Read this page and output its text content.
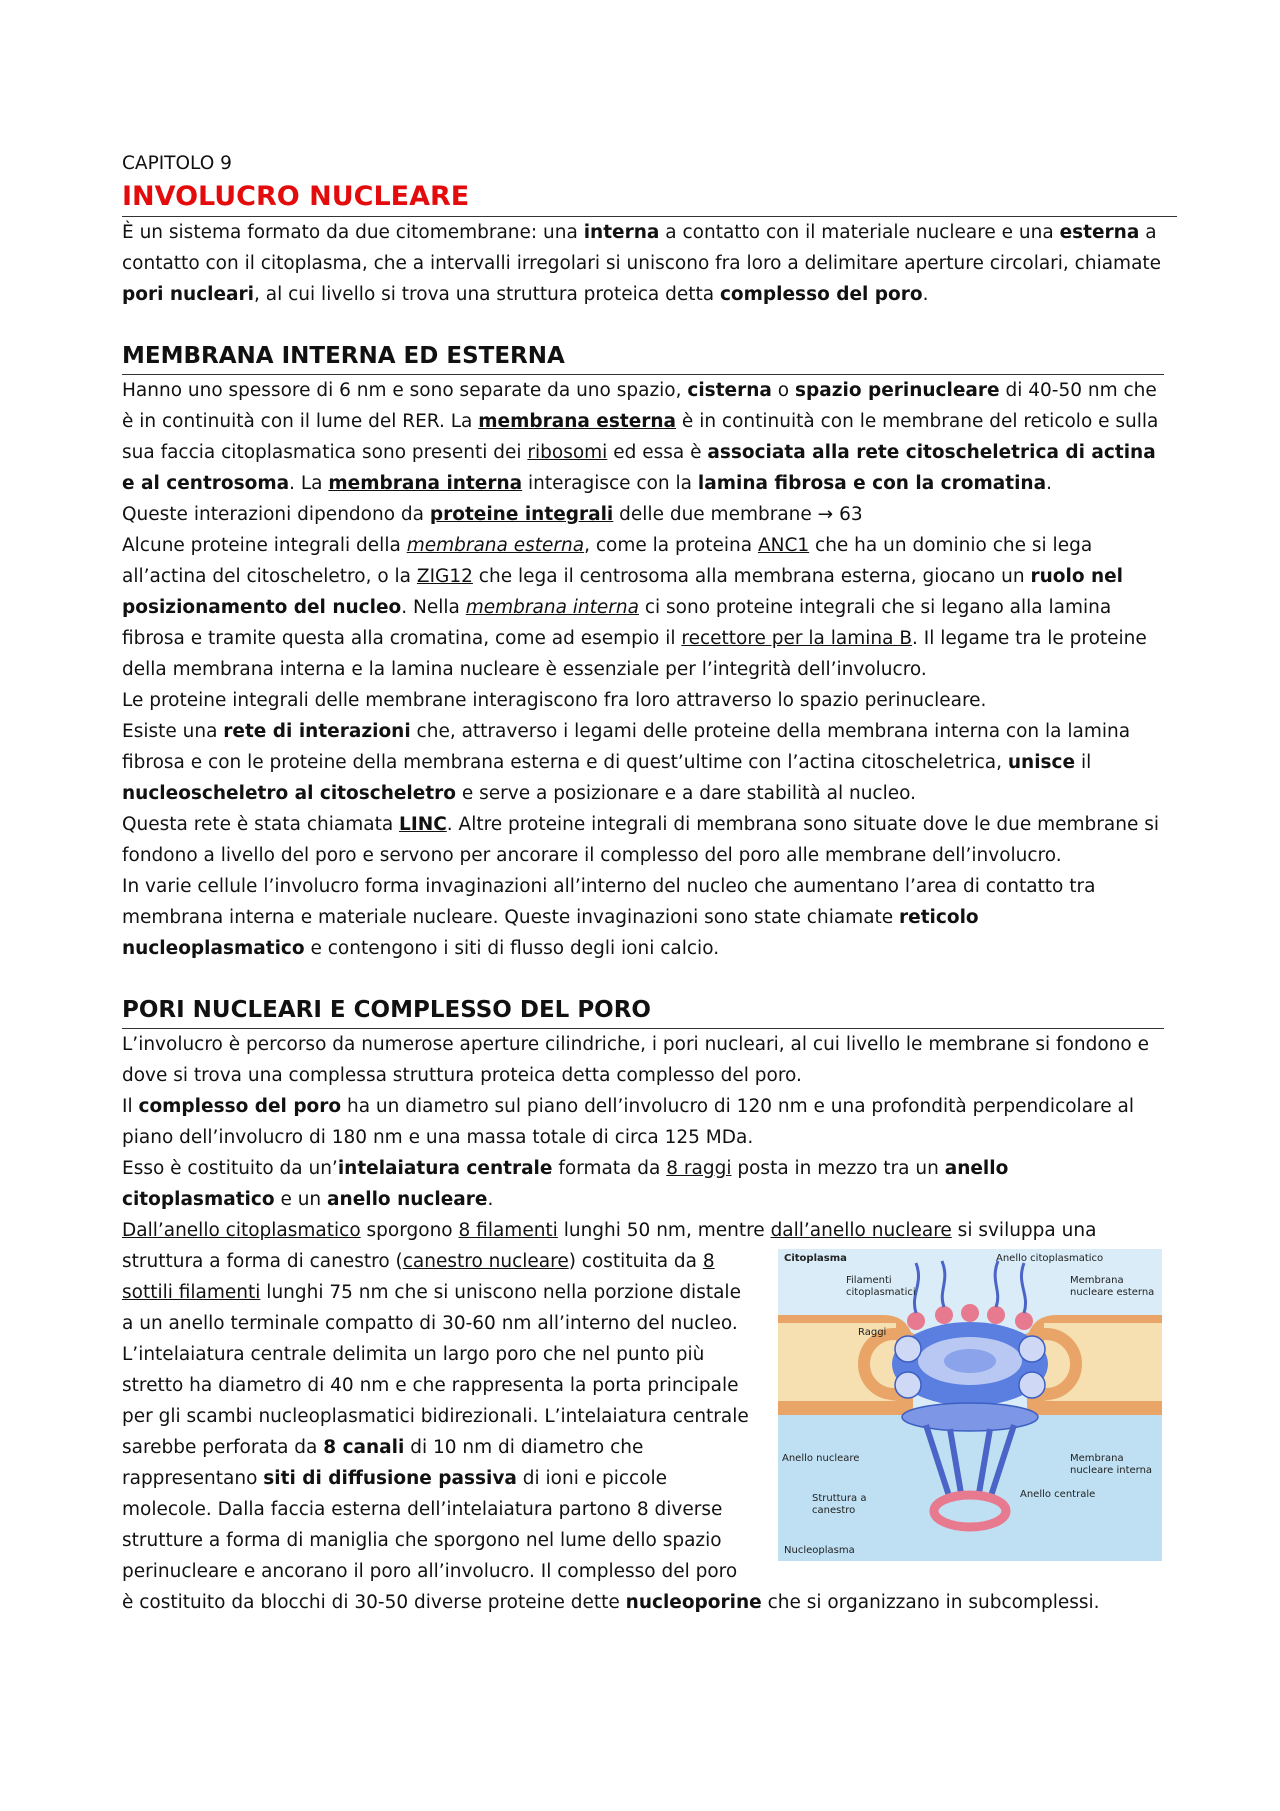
CAPITOLO 9

INVOLUCRO NUCLEARE

È un sistema formato da due citomembrane: una interna a contatto con il materiale nucleare e una esterna a contatto con il citoplasma, che a intervalli irregolari si uniscono fra loro a delimitare aperture circolari, chiamate pori nucleari, al cui livello si trova una struttura proteica detta complesso del poro.

MEMBRANA INTERNA ED ESTERNA

Hanno uno spessore di 6 nm e sono separate da uno spazio, cisterna o spazio perinucleare di 40-50 nm che è in continuità con il lume del RER. La membrana esterna è in continuità con le membrane del reticolo e sulla sua faccia citoplasmatica sono presenti dei ribosomi ed essa è associata alla rete citoscheletrica di actina e al centrosoma. La membrana interna interagisce con la lamina fibrosa e con la cromatina.

Queste interazioni dipendono da proteine integrali delle due membrane → 63

Alcune proteine integrali della membrana esterna, come la proteina ANC1 che ha un dominio che si lega all’actina del citoscheletro, o la ZIG12 che lega il centrosoma alla membrana esterna, giocano un ruolo nel posizionamento del nucleo. Nella membrana interna ci sono proteine integrali che si legano alla lamina fibrosa e tramite questa alla cromatina, come ad esempio il recettore per la lamina B. Il legame tra le proteine della membrana interna e la lamina nucleare è essenziale per l’integrità dell’involucro.

Le proteine integrali delle membrane interagiscono fra loro attraverso lo spazio perinucleare.

Esiste una rete di interazioni che, attraverso i legami delle proteine della membrana interna con la lamina fibrosa e con le proteine della membrana esterna e di quest’ultime con l’actina citoscheletrica, unisce il nucleoscheletro al citoscheletro e serve a posizionare e a dare stabilità al nucleo.

Questa rete è stata chiamata LINC. Altre proteine integrali di membrana sono situate dove le due membrane si fondono a livello del poro e servono per ancorare il complesso del poro alle membrane dell’involucro.

In varie cellule l’involucro forma invaginazioni all’interno del nucleo che aumentano l’area di contatto tra membrana interna e materiale nucleare. Queste invaginazioni sono state chiamate reticolo nucleoplasmatico e contengono i siti di flusso degli ioni calcio.

PORI NUCLEARI E COMPLESSO DEL PORO

L’involucro è percorso da numerose aperture cilindriche, i pori nucleari, al cui livello le membrane si fondono e dove si trova una complessa struttura proteica detta complesso del poro.

Il complesso del poro ha un diametro sul piano dell’involucro di 120 nm e una profondità perpendicolare al piano dell’involucro di 180 nm e una massa totale di circa 125 MDa.

Esso è costituito da un’intelaiatura centrale formata da 8 raggi posta in mezzo tra un anello citoplasmatico e un anello nucleare.

Dall’anello citoplasmatico sporgono 8 filamenti lunghi 50 nm, mentre dall’anello nucleare si sviluppa una struttura a forma di canestro (	Citoplasma	Anello citoplasmatico
Filamenti
citoplasmatici
Membrana
nucleare esterna
Raggi
Anello nucleare	Membrana
nucleare interna
Anello centrale
Struttura a
canestro
Nucleoplasma
canestro nucleare) costituita da 8 sottili filamenti lunghi 75 nm che si uniscono nella porzione distale a un anello terminale compatto di 30-60 nm all’interno del nucleo.

L’intelaiatura centrale delimita un largo poro che nel punto più stretto ha diametro di 40 nm e che rappresenta la porta principale per gli scambi nucleoplasmatici bidirezionali. L’intelaiatura centrale sarebbe perforata da 8 canali di 10 nm di diametro che rappresentano siti di diffusione passiva di ioni e piccole molecole. Dalla faccia esterna dell’intelaiatura partono 8 diverse strutture a forma di maniglia che sporgono nel lume dello spazio perinucleare e ancorano il poro all’involucro. Il complesso del poro è costituito da blocchi di 30-50 diverse proteine dette nucleoporine che si organizzano in subcomplessi.
